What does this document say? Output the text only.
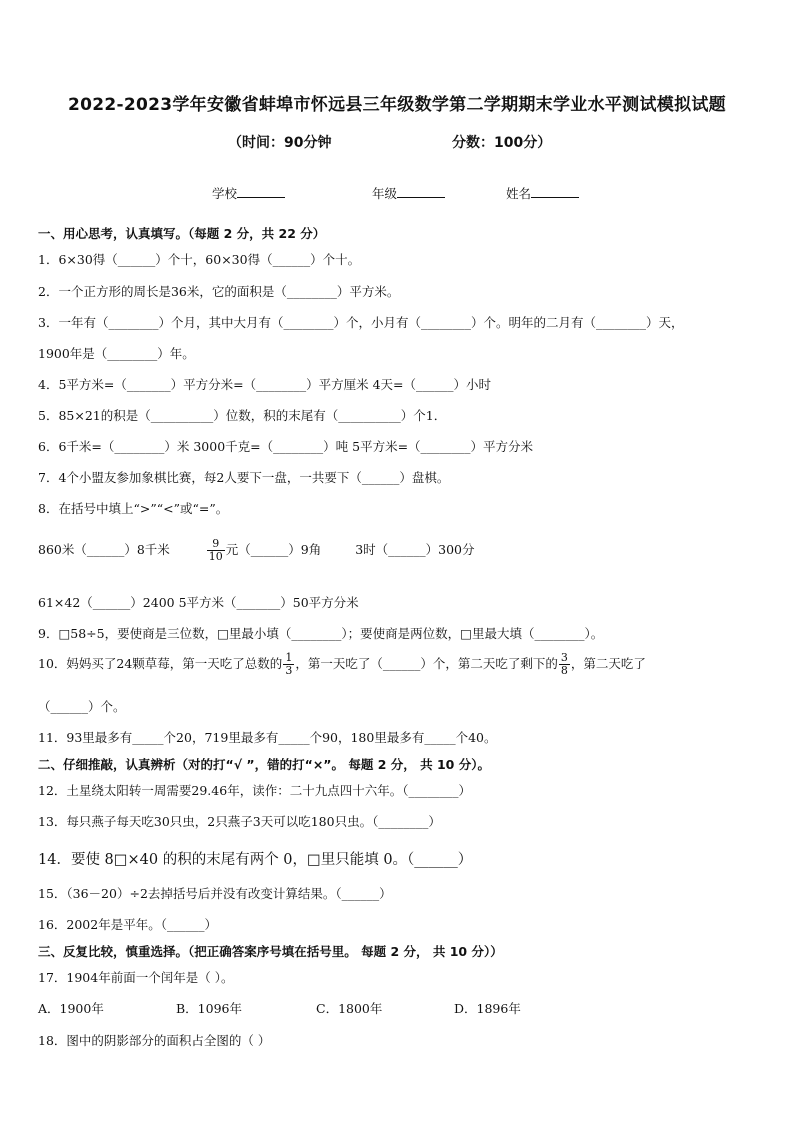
2022-2023学年安徽省蚌埠市怀远县三年级数学第二学期期末学业水平测试模拟试题
（时间：90分钟	分数：100分）
学校	年级	姓名
一、用心思考，认真填写。（每题 2 分，共 22 分）
1．6×30得（______）个十，60×30得（______）个十。
2．一个正方形的周长是36米，它的面积是（________）平方米。
3．一年有（________）个月，其中大月有（________）个，小月有（________）个。明年的二月有（________）天，
1900年是（________）年。
4．5平方米=（_______）平方分米=（________）平方厘米 4天=（______）小时
5．85×21的积是（__________）位数，积的末尾有（__________）个1．
6．6千米=（________）米 3000千克=（________）吨 5平方米=（________）平方分米
7．4个小盟友参加象棋比赛，每2人要下一盘，一共要下（______）盘棋。
8．在括号中填上“>”“<”或“=”。
860米（______）8千米	$\frac{9}{10}$ 元（______）9角	3时（______）300分
61×42（______）2400 5平方米（_______）50平方分米
9．□58÷5，要使商是三位数，□里最小填（________）；要使商是两位数，□里最大填（________）。
10．妈妈买了24颗草莓，第一天吃了总数的 $\frac{1}{3}$ ，第一天吃了（______）个，第二天吃了剩下的 $\frac{3}{8}$ ，第二天吃了
（______）个。
11．93里最多有_____个20，719里最多有_____个90，180里最多有_____个40。
二、仔细推敲，认真辨析（对的打“√ ”，错的打“×”。 每题 2 分， 共 10 分）。
12．土星绕太阳转一周需要29.46年，读作：二十九点四十六年。（________）
13．每只燕子每天吃30只虫，2只燕子3天可以吃180只虫。（________）
14．要使 8□×40 的积的末尾有两个 0，□里只能填 0。（______）
15．（36－20）÷2去掉括号后并没有改变计算结果。（______）
16．2002年是平年。（______）
三、反复比较，慎重选择。（把正确答案序号填在括号里。 每题 2 分， 共 10 分））
17．1904年前面一个闰年是（ ）。
A．1900年	B．1096年	C．1800年	D．1896年
18．图中的阴影部分的面积占全图的（ ）
